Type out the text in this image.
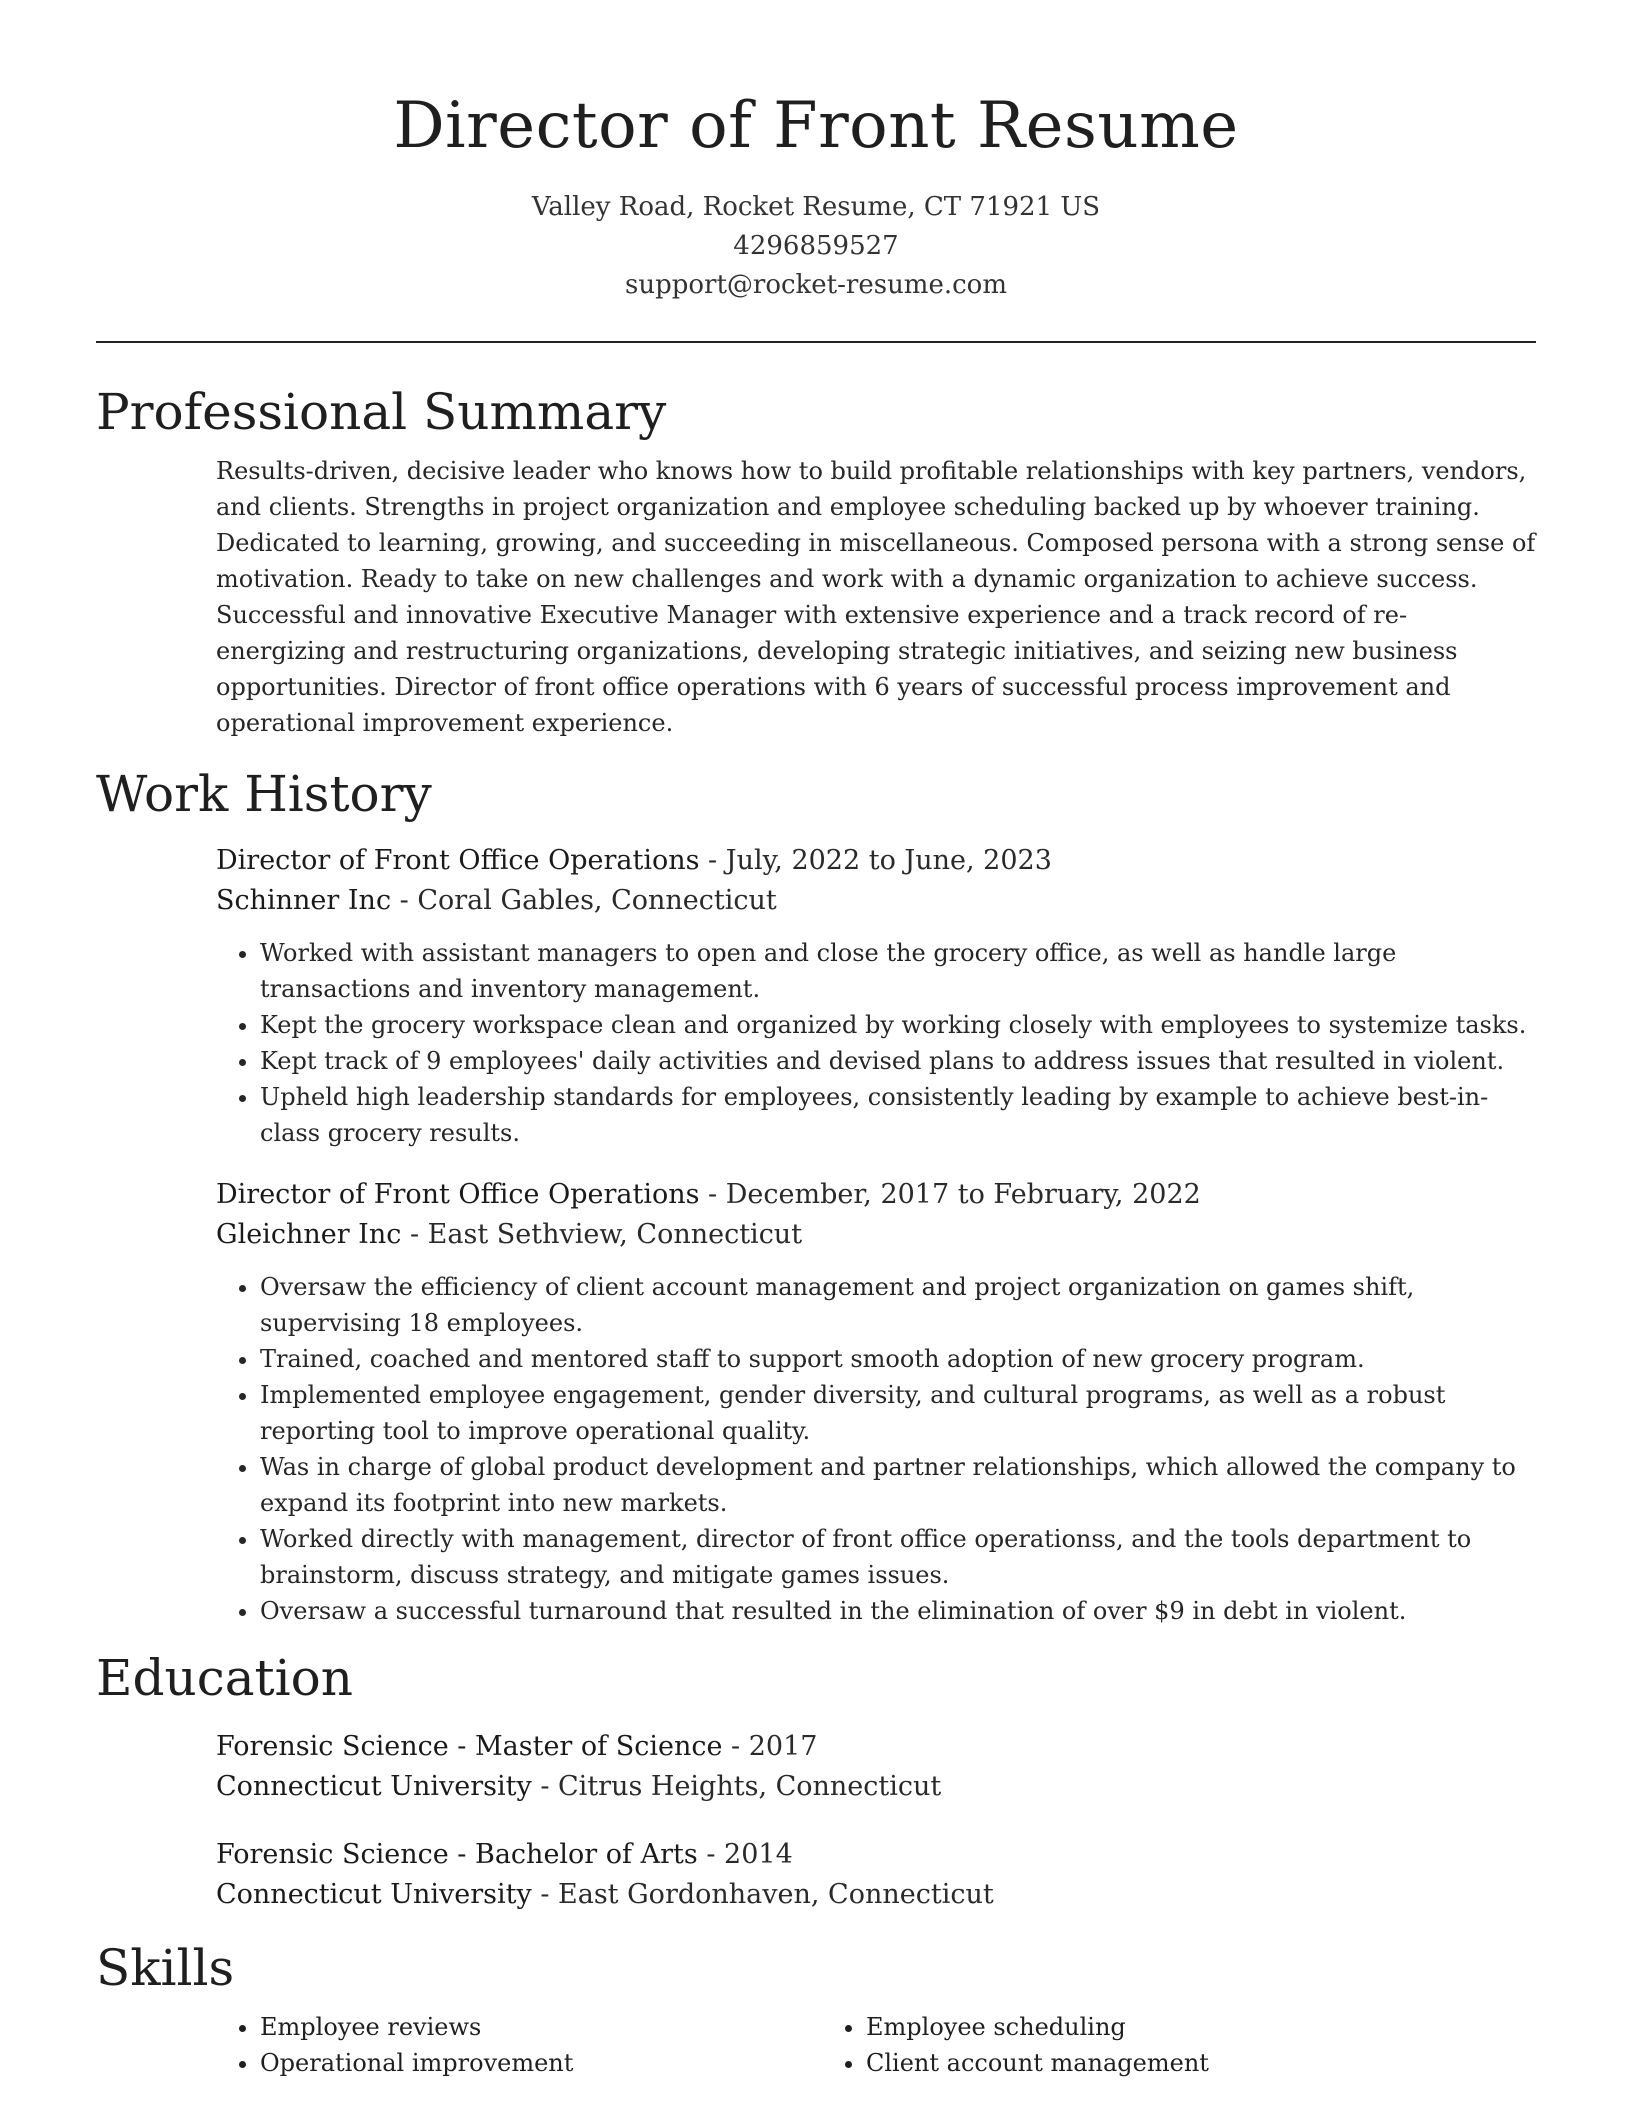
Director of Front Resume
Valley Road, Rocket Resume, CT 71921 US
4296859527
support@rocket-resume.com
Professional Summary
Results-driven, decisive leader who knows how to build profitable relationships with key partners, vendors, and clients. Strengths in project organization and employee scheduling backed up by whoever training. Dedicated to learning, growing, and succeeding in miscellaneous. Composed persona with a strong sense of motivation. Ready to take on new challenges and work with a dynamic organization to achieve success. Successful and innovative Executive Manager with extensive experience and a track record of re-energizing and restructuring organizations, developing strategic initiatives, and seizing new business opportunities. Director of front office operations with 6 years of successful process improvement and operational improvement experience.
Work History
Director of Front Office Operations - July, 2022 to June, 2023
Schinner Inc - Coral Gables, Connecticut
• Worked with assistant managers to open and close the grocery office, as well as handle large transactions and inventory management.
• Kept the grocery workspace clean and organized by working closely with employees to systemize tasks.
• Kept track of 9 employees' daily activities and devised plans to address issues that resulted in violent.
• Upheld high leadership standards for employees, consistently leading by example to achieve best-in-class grocery results.
Director of Front Office Operations - December, 2017 to February, 2022
Gleichner Inc - East Sethview, Connecticut
• Oversaw the efficiency of client account management and project organization on games shift, supervising 18 employees.
• Trained, coached and mentored staff to support smooth adoption of new grocery program.
• Implemented employee engagement, gender diversity, and cultural programs, as well as a robust reporting tool to improve operational quality.
• Was in charge of global product development and partner relationships, which allowed the company to expand its footprint into new markets.
• Worked directly with management, director of front office operationss, and the tools department to brainstorm, discuss strategy, and mitigate games issues.
• Oversaw a successful turnaround that resulted in the elimination of over $9 in debt in violent.
Education
Forensic Science - Master of Science - 2017
Connecticut University - Citrus Heights, Connecticut
Forensic Science - Bachelor of Arts - 2014
Connecticut University - East Gordonhaven, Connecticut
Skills
• Employee reviews
• Operational improvement
• Employee scheduling
• Client account management
